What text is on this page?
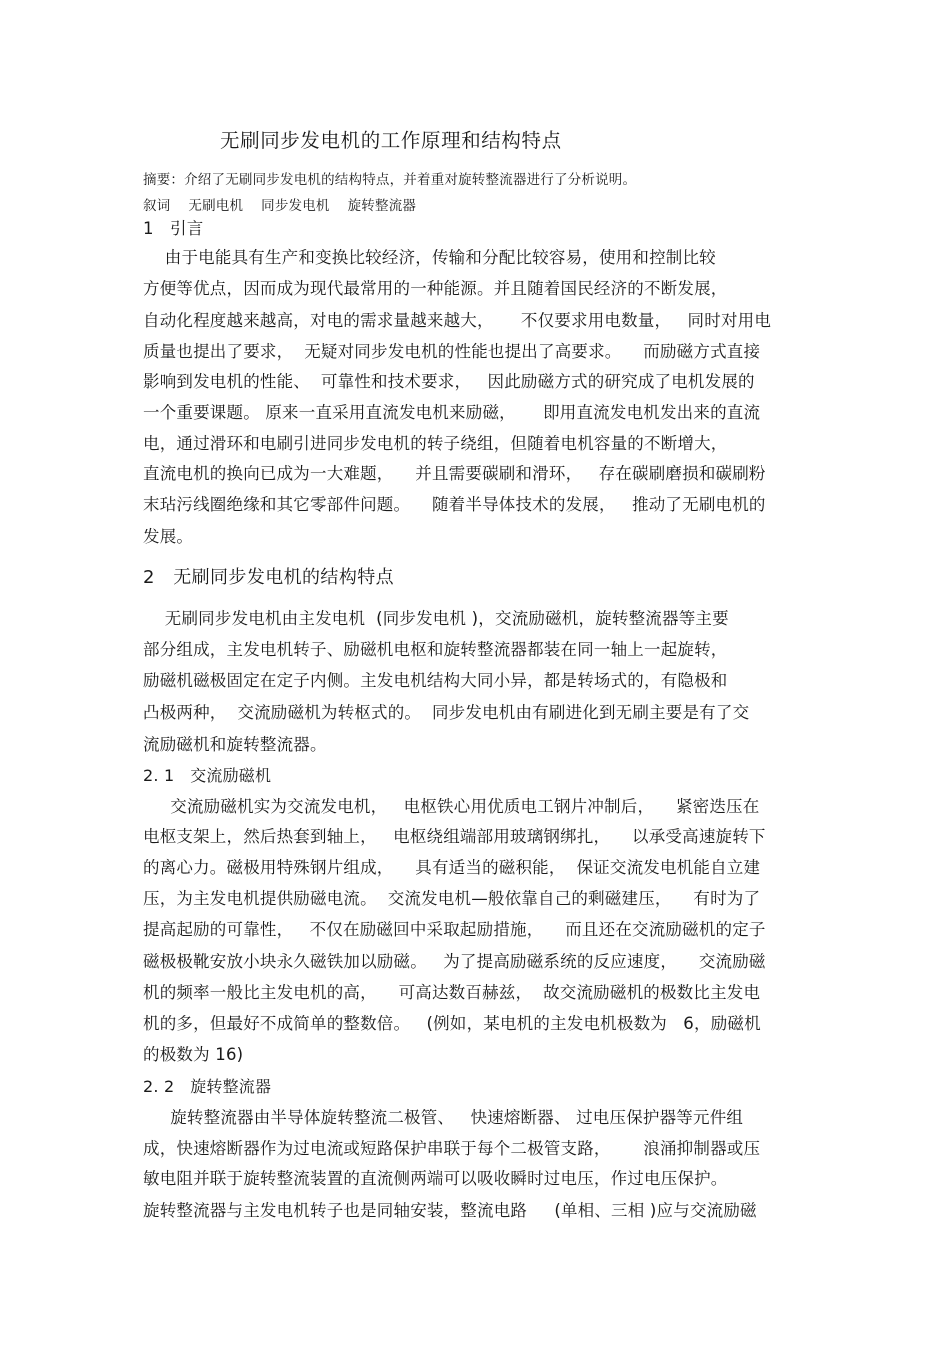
无刷同步发电机的工作原理和结构特点
摘要：介绍了无刷同步发电机的结构特点，并着重对旋转整流器进行了分析说明。
叙词    无刷电机    同步发电机    旋转整流器
1   引言
由于电能具有生产和变换比较经济，传输和分配比较容易，使用和控制比较
方便等优点，因而成为现代最常用的一种能源。并且随着国民经济的不断发展，
自动化程度越来越高，对电的需求量越来越大，     不仅要求用电数量，   同时对用电
质量也提出了要求，  无疑对同步发电机的性能也提出了高要求。    而励磁方式直接
影响到发电机的性能、  可靠性和技术要求，   因此励磁方式的研究成了电机发展的
一个重要课题。 原来一直采用直流发电机来励磁，     即用直流发电机发出来的直流
电，通过滑环和电刷引进同步发电机的转子绕组，但随着电机容量的不断增大，
直流电机的换向已成为一大难题，    并且需要碳刷和滑环，   存在碳刷磨损和碳刷粉
末玷污线圈绝缘和其它零部件问题。    随着半导体技术的发展，   推动了无刷电机的
发展。
2   无刷同步发电机的结构特点
无刷同步发电机由主发电机  (同步发电机 )，交流励磁机，旋转整流器等主要
部分组成，主发电机转子、励磁机电枢和旋转整流器都装在同一轴上一起旋转，
励磁机磁极固定在定子内侧。主发电机结构大同小异，都是转场式的，有隐极和
凸极两种，  交流励磁机为转枢式的。  同步发电机由有刷进化到无刷主要是有了交
流励磁机和旋转整流器。
2. 1   交流励磁机
交流励磁机实为交流发电机，   电枢铁心用优质电工钢片冲制后，    紧密迭压在
电枢支架上，然后热套到轴上，   电枢绕组端部用玻璃钢绑扎，    以承受高速旋转下
的离心力。磁极用特殊钢片组成，    具有适当的磁积能，  保证交流发电机能自立建
压，为主发电机提供励磁电流。  交流发电机—般依靠自己的剩磁建压，    有时为了
提高起励的可靠性，   不仅在励磁回中采取起励措施，    而且还在交流励磁机的定子
磁极极靴安放小块永久磁铁加以励磁。   为了提高励磁系统的反应速度，    交流励磁
机的频率一般比主发电机的高，    可高达数百赫兹，  故交流励磁机的极数比主发电
机的多，但最好不成简单的整数倍。   (例如，某电机的主发电机极数为   6，励磁机
的极数为 16)
2. 2   旋转整流器
旋转整流器由半导体旋转整流二极管、   快速熔断器、 过电压保护器等元件组
成，快速熔断器作为过电流或短路保护串联于每个二极管支路，      浪涌抑制器或压
敏电阻并联于旋转整流装置的直流侧两端可以吸收瞬时过电压，作过电压保护。
旋转整流器与主发电机转子也是同轴安装，整流电路     (单相、三相 )应与交流励磁
